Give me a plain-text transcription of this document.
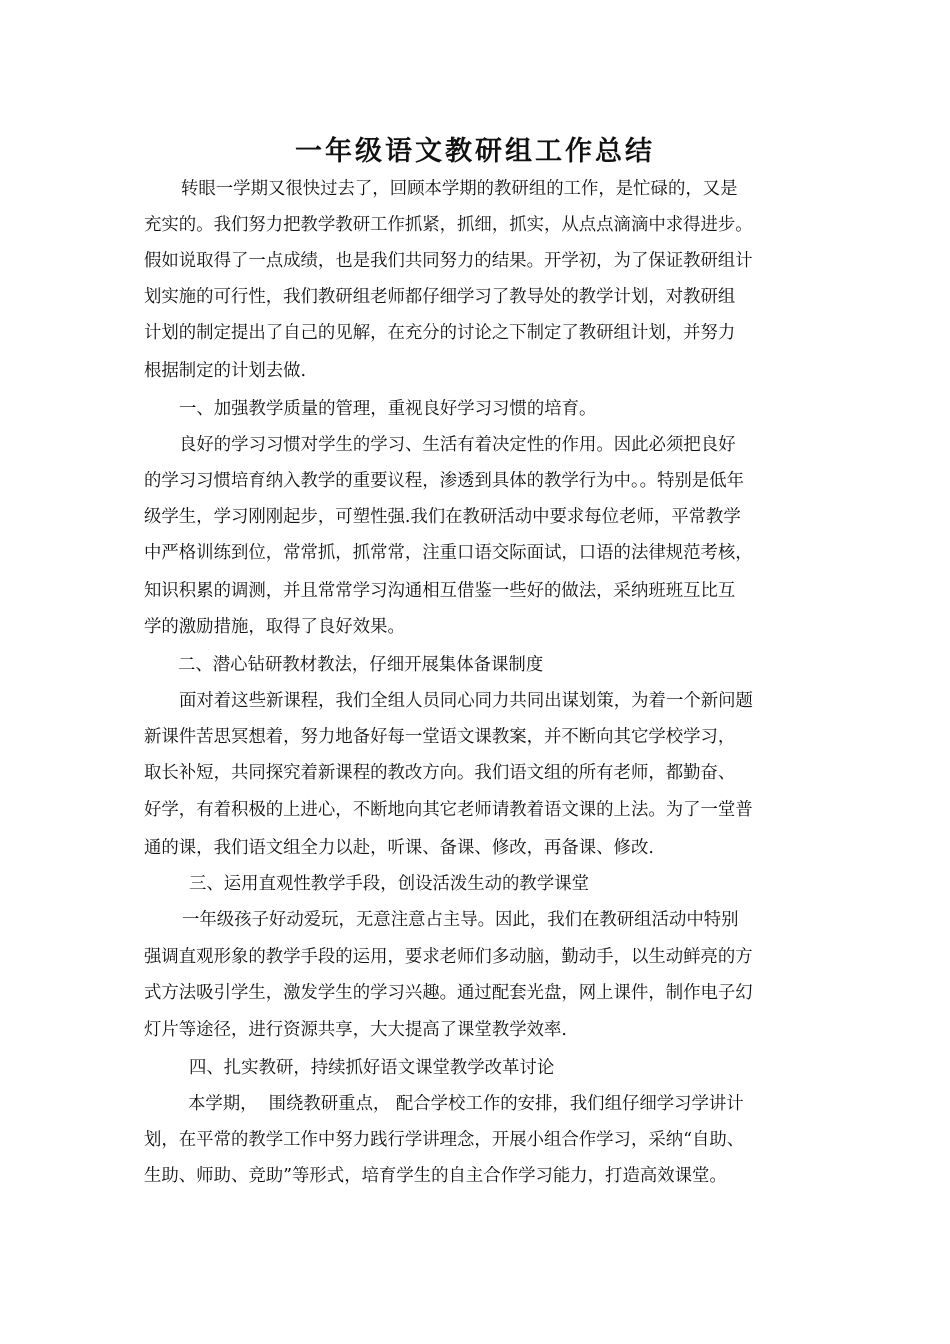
一年级语文教研组工作总结
转眼一学期又很快过去了，回顾本学期的教研组的工作，是忙碌的，又是
充实的。我们努力把教学教研工作抓紧，抓细，抓实，从点点滴滴中求得进步。
假如说取得了一点成绩，也是我们共同努力的结果。开学初，为了保证教研组计
划实施的可行性，我们教研组老师都仔细学习了教导处的教学计划，对教研组
计划的制定提出了自己的见解，在充分的讨论之下制定了教研组计划，并努力
根据制定的计划去做.
一、加强教学质量的管理，重视良好学习习惯的培育。
良好的学习习惯对学生的学习、生活有着决定性的作用。因此必须把良好
的学习习惯培育纳入教学的重要议程，渗透到具体的教学行为中。。特别是低年
级学生，学习刚刚起步，可塑性强.我们在教研活动中要求每位老师，平常教学
中严格训练到位，常常抓，抓常常，注重口语交际面试，口语的法律规范考核，
知识积累的调测，并且常常学习沟通相互借鉴一些好的做法，采纳班班互比互
学的激励措施，取得了良好效果。
二、潜心钻研教材教法，仔细开展集体备课制度
面对着这些新课程，我们全组人员同心同力共同出谋划策，为着一个新问题
新课件苦思冥想着，努力地备好每一堂语文课教案，并不断向其它学校学习，
取长补短，共同探究着新课程的教改方向。我们语文组的所有老师，都勤奋、
好学，有着积极的上进心，不断地向其它老师请教着语文课的上法。为了一堂普
通的课，我们语文组全力以赴，听课、备课、修改，再备课、修改.
三、运用直观性教学手段，创设活泼生动的教学课堂
一年级孩子好动爱玩，无意注意占主导。因此，我们在教研组活动中特别
强调直观形象的教学手段的运用，要求老师们多动脑，勤动手，以生动鲜亮的方
式方法吸引学生，激发学生的学习兴趣。通过配套光盘，网上课件，制作电子幻
灯片等途径，进行资源共享，大大提高了课堂教学效率.
四、扎实教研，持续抓好语文课堂教学改革讨论
本学期，  围绕教研重点， 配合学校工作的安排，我们组仔细学习学讲计
划，在平常的教学工作中努力践行学讲理念，开展小组合作学习，采纳“自助、
生助、师助、竞助”等形式，培育学生的自主合作学习能力，打造高效课堂。
